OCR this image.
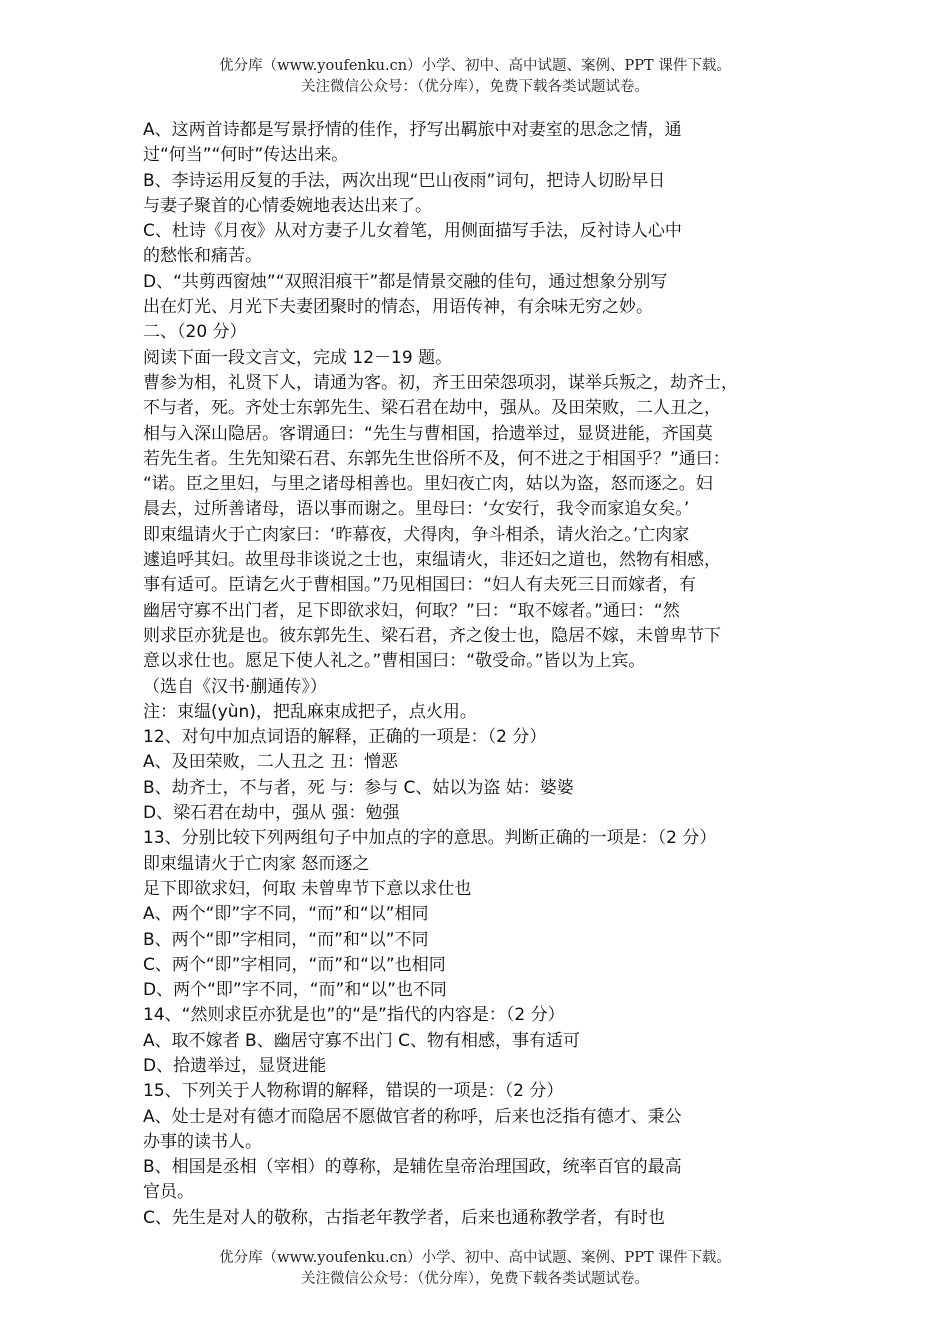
优分库（www.youfenku.cn）小学、初中、高中试题、案例、PPT 课件下载。
关注微信公众号：（优分库），免费下载各类试题试卷。
A、这两首诗都是写景抒情的佳作，抒写出羁旅中对妻室的思念之情，通
过“何当”“何时”传达出来。
B、李诗运用反复的手法，两次出现“巴山夜雨”词句，把诗人切盼早日
与妻子聚首的心情委婉地表达出来了。
C、杜诗《月夜》从对方妻子儿女着笔，用侧面描写手法，反衬诗人心中
的愁怅和痛苦。
D、“共剪西窗烛”“双照泪痕干”都是情景交融的佳句，通过想象分别写
出在灯光、月光下夫妻团聚时的情态，用语传神，有余味无穷之妙。
二、（20 分）
阅读下面一段文言文，完成 12－19 题。
曹参为相，礼贤下人，请通为客。初，齐王田荣怨项羽，谋举兵叛之，劫齐士，
不与者，死。齐处士东郭先生、梁石君在劫中，强从。及田荣败，二人丑之，
相与入深山隐居。客谓通曰：“先生与曹相国，拾遗举过，显贤进能，齐国莫
若先生者。生先知梁石君、东郭先生世俗所不及，何不进之于相国乎？”通曰：
“诺。臣之里妇，与里之诸母相善也。里妇夜亡肉，姑以为盗，怒而逐之。妇
晨去，过所善诸母，语以事而谢之。里母曰：‘女安行，我令而家追女矣。’
即束缊请火于亡肉家曰：‘昨幕夜，犬得肉，争斗相杀，请火治之。’亡肉家
遽追呼其妇。故里母非谈说之士也，束缊请火，非还妇之道也，然物有相感，
事有适可。臣请乞火于曹相国。”乃见相国曰：“妇人有夫死三日而嫁者，有
幽居守寡不出门者，足下即欲求妇，何取？”曰：“取不嫁者。”通曰：“然
则求臣亦犹是也。彼东郭先生、梁石君，齐之俊士也，隐居不嫁，未曾卑节下
意以求仕也。愿足下使人礼之。”曹相国曰：“敬受命。”皆以为上宾。
（选自《汉书·蒯通传》）
注：束缊(yùn)，把乱麻束成把子，点火用。
12、对句中加点词语的解释，正确的一项是：（2 分）
A、及田荣败，二人丑之 丑：憎恶
B、劫齐士，不与者，死 与：参与 C、姑以为盗 姑：婆婆
D、梁石君在劫中，强从 强：勉强
13、分别比较下列两组句子中加点的字的意思。判断正确的一项是：（2 分）
即束缊请火于亡肉家 怒而逐之
足下即欲求妇，何取 未曾卑节下意以求仕也
A、两个“即”字不同，“而”和“以”相同
B、两个“即”字相同，“而”和“以”不同
C、两个“即”字相同，“而”和“以”也相同
D、两个“即”字不同，“而”和“以”也不同
14、“然则求臣亦犹是也”的“是”指代的内容是：（2 分）
A、取不嫁者 B、幽居守寡不出门 C、物有相感，事有适可
D、拾遗举过，显贤进能
15、下列关于人物称谓的解释，错误的一项是：（2 分）
A、处士是对有德才而隐居不愿做官者的称呼，后来也泛指有德才、秉公
办事的读书人。
B、相国是丞相（宰相）的尊称，是辅佐皇帝治理国政，统率百官的最高
官员。
C、先生是对人的敬称，古指老年教学者，后来也通称教学者，有时也
优分库（www.youfenku.cn）小学、初中、高中试题、案例、PPT 课件下载。
关注微信公众号：（优分库），免费下载各类试题试卷。
